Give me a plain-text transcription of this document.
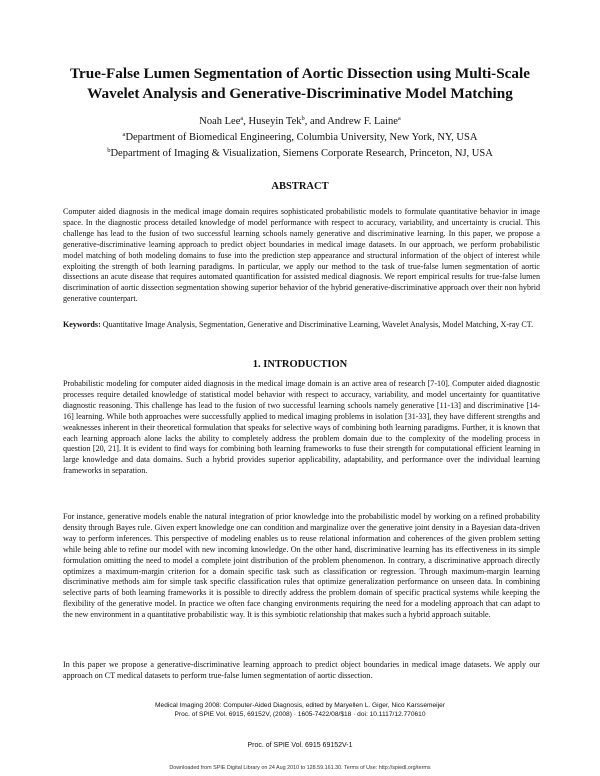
True-False Lumen Segmentation of Aortic Dissection using Multi-Scale
Wavelet Analysis and Generative-Discriminative Model Matching
Noah Lee$^a$, Huseyin Tek$^b$, and Andrew F. Laine$^a$
$^a$Department of Biomedical Engineering, Columbia University, New York, NY, USA
$^b$Department of Imaging & Visualization, Siemens Corporate Research, Princeton, NJ, USA
ABSTRACT

Computer aided diagnosis in the medical image domain requires sophisticated probabilistic models to formulate quantitative behavior in image space. In the diagnostic process detailed knowledge of model performance with respect to accuracy, variability, and uncertainty is crucial. This challenge has lead to the fusion of two successful learning schools namely generative and discriminative learning. In this paper, we propose a generative-discriminative learning approach to predict object boundaries in medical image datasets. In our approach, we perform probabilistic model matching of both modeling domains to fuse into the prediction step appearance and structural information of the object of interest while exploiting the strength of both learning paradigms. In particular, we apply our method to the task of true-false lumen segmentation of aortic dissections an acute disease that requires automated quantification for assisted medical diagnosis. We report empirical results for true-false lumen discrimination of aortic dissection segmentation showing superior behavior of the hybrid generative-discriminative approach over their non hybrid generative counterpart.

Keywords: Quantitative Image Analysis, Segmentation, Generative and Discriminative Learning, Wavelet Analysis, Model Matching, X-ray CT.

1. INTRODUCTION

Probabilistic modeling for computer aided diagnosis in the medical image domain is an active area of research [7-10]. Computer aided diagnostic processes require detailed knowledge of statistical model behavior with respect to accuracy, variability, and model uncertainty for quantitative diagnostic reasoning. This challenge has lead to the fusion of two successful learning schools namely generative [11-13] and discriminative [14-16] learning. While both approaches were successfully applied to medical imaging problems in isolation [31-33], they have different strengths and weaknesses inherent in their theoretical formulation that speaks for selective ways of combining both learning paradigms. Further, it is known that each learning approach alone lacks the ability to completely address the problem domain due to the complexity of the modeling process in question [20, 21]. It is evident to find ways for combining both learning frameworks to fuse their strength for computational efficient learning in large knowledge and data domains. Such a hybrid provides superior applicability, adaptability, and performance over the individual learning frameworks in separation.

For instance, generative models enable the natural integration of prior knowledge into the probabilistic model by working on a refined probability density through Bayes rule. Given expert knowledge one can condition and marginalize over the generative joint density in a Bayesian data-driven way to perform inferences. This perspective of modeling enables us to reuse relational information and coherences of the given problem setting while being able to refine our model with new incoming knowledge. On the other hand, discriminative learning has its effectiveness in its simple formulation omitting the need to model a complete joint distribution of the problem phenomenon. In contrary, a discriminative approach directly optimizes a maximum-margin criterion for a domain specific task such as classification or regression. Through maximum-margin learning discriminative methods aim for simple task specific classification rules that optimize generalization performance on unseen data. In combining selective parts of both learning frameworks it is possible to directly address the problem domain of specific practical systems while keeping the flexibility of the generative model. In practice we often face changing environments requiring the need for a modeling approach that can adapt to the new environment in a quantitative probabilistic way. It is this symbiotic relationship that makes such a hybrid approach suitable.

In this paper we propose a generative-discriminative learning approach to predict object boundaries in medical image datasets. We apply our approach on CT medical datasets to perform true-false lumen segmentation of aortic dissection.

Medical Imaging 2008: Computer-Aided Diagnosis, edited by Maryellen L. Giger, Nico Karssemeijer
Proc. of SPIE Vol. 6915, 69152V, (2008) · 1605-7422/08/$18 · doi: 10.1117/12.770610
Proc. of SPIE Vol. 6915 69152V-1
Downloaded from SPIE Digital Library on 24 Aug 2010 to 128.59.161.30. Terms of Use: http://spiedl.org/terms
